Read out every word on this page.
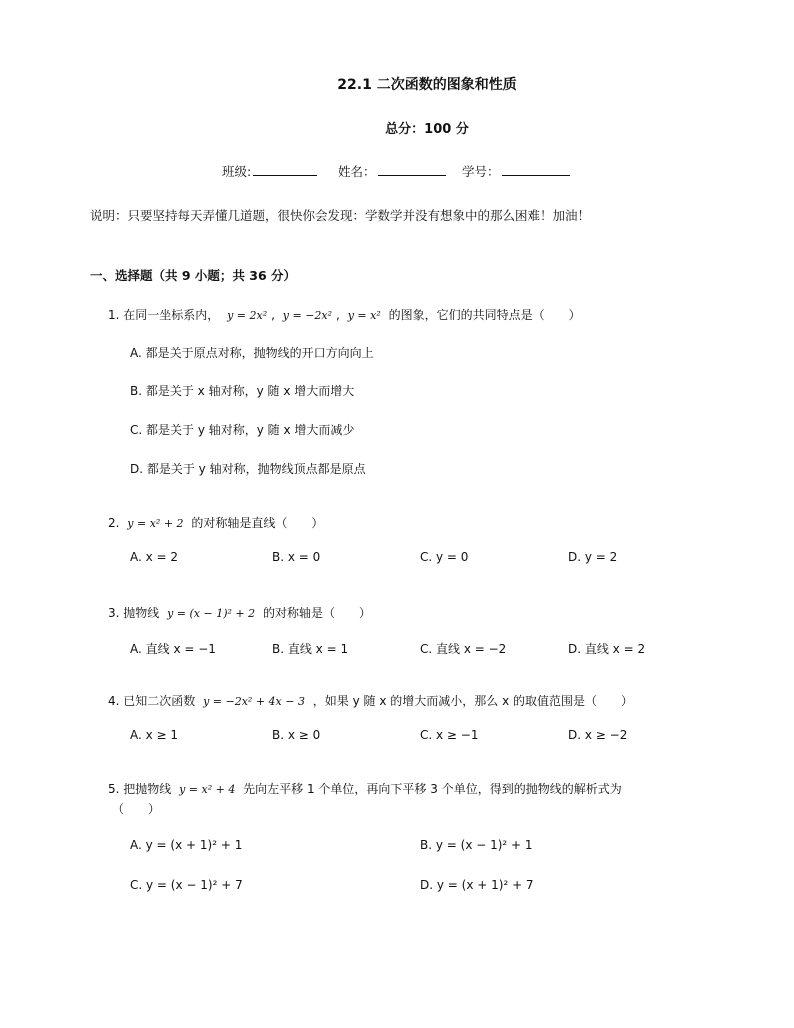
22.1 二次函数的图象和性质
总分：100 分
班级:	姓名：	学号：
说明：只要坚持每天弄懂几道题，很快你会发现：学数学并没有想象中的那么困难！加油！
一、选择题（共 9 小题；共 36 分）
1. 在同一坐标系内， y = 2x² , y = −2x² , y = x² 的图象，它们的共同特点是（ ）
A. 都是关于原点对称，抛物线的开口方向向上
B. 都是关于 x 轴对称，y 随 x 增大而增大
C. 都是关于 y 轴对称，y 随 x 增大而减少
D. 都是关于 y 轴对称，抛物线顶点都是原点
2. y = x² + 2 的对称轴是直线（ ）
A. x = 2	B. x = 0	C. y = 0	D. y = 2
3. 抛物线 y = (x − 1)² + 2 的对称轴是（ ）
A. 直线 x = −1	B. 直线 x = 1	C. 直线 x = −2	D. 直线 x = 2
4. 已知二次函数 y = −2x² + 4x − 3 ，如果 y 随 x 的增大而减小，那么 x 的取值范围是（ ）
A. x ≥ 1	B. x ≥ 0	C. x ≥ −1	D. x ≥ −2
5. 把抛物线 y = x² + 4 先向左平移 1 个单位，再向下平移 3 个单位，得到的抛物线的解析式为
（　　）
A. y = (x + 1)² + 1	B. y = (x − 1)² + 1
C. y = (x − 1)² + 7	D. y = (x + 1)² + 7
